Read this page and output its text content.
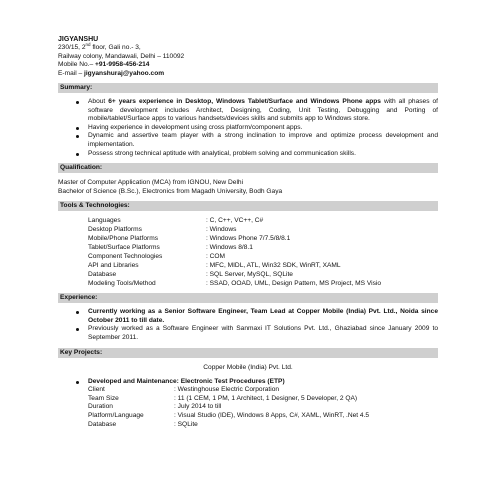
JIGYANSHU
230/15, 2nd floor, Gali no.- 3,
Railway colony, Mandawali, Delhi – 110092
Mobile No.– +91-9958-456-214
E-mail – jigyanshuraj@yahoo.com
Summary:
About 6+ years experience in Desktop, Windows Tablet/Surface and Windows Phone apps with all phases of software development includes Architect, Designing, Coding, Unit Testing, Debugging and Porting of mobile/tablet/Surface apps to various handsets/devices skills and submits app to Windows store.
Having experience in development using cross platform/component apps.
Dynamic and assertive team player with a strong inclination to improve and optimize process development and implementation.
Possess strong technical aptitude with analytical, problem solving and communication skills.
Qualification:
Master of Computer Application (MCA) from IGNOU, New Delhi
Bachelor of Science (B.Sc.), Electronics from Magadh University, Bodh Gaya
Tools & Technologies:
Languages	: C, C++, VC++, C#
Desktop Platforms	: Windows
Mobile/Phone Platforms	: Windows Phone 7/7.5/8/8.1
Tablet/Surface Platforms	: Windows 8/8.1
Component Technologies	: COM
API and Libraries	: MFC, MIDL, ATL, Win32 SDK, WinRT, XAML
Database	: SQL Server, MySQL, SQLite
Modeling Tools/Method	: SSAD, OOAD, UML, Design Pattern, MS Project, MS Visio
Experience:
Currently working as a Senior Software Engineer, Team Lead at Copper Mobile (India) Pvt. Ltd., Noida since October 2011 to till date.
Previously worked as a Software Engineer with Sanmaxi IT Solutions Pvt. Ltd., Ghaziabad since January 2009 to September 2011.
Key Projects:
Copper Mobile (India) Pvt. Ltd.
Developed and Maintenance: Electronic Test Procedures (ETP)
Client	: Westinghouse Electric Corporation
Team Size	: 11 (1 CEM, 1 PM, 1 Architect, 1 Designer, 5 Developer, 2 QA)
Duration	: July 2014 to till
Platform/Language	: Visual Studio (IDE), Windows 8 Apps, C#, XAML, WinRT, .Net 4.5
Database	: SQLite
